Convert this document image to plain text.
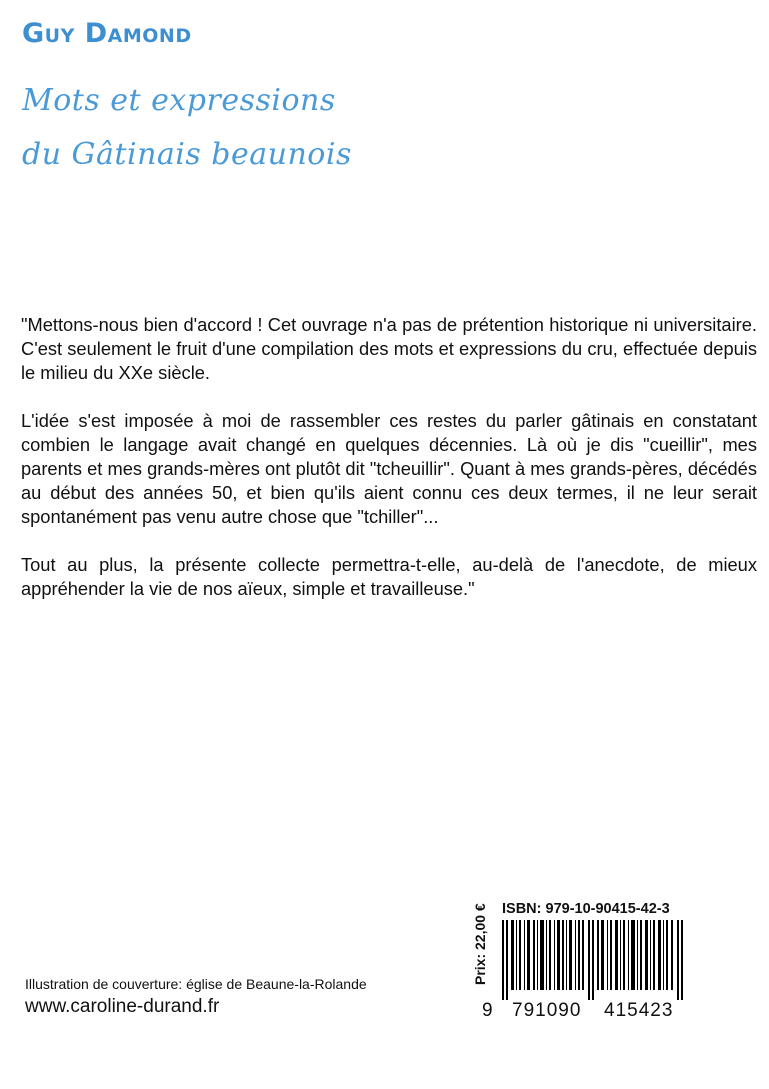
Guy Damond
Mots et expressions
du Gâtinais beaunois

"Mettons-nous bien d'accord ! Cet ouvrage n'a pas de prétention historique ni universitaire. C'est seulement le fruit d'une compilation des mots et expressions du cru, effectuée depuis le milieu du XXe siècle.

L'idée s'est imposée à moi de rassembler ces restes du parler gâtinais en constatant combien le langage avait changé en quelques décennies. Là où je dis "cueillir", mes parents et mes grands-mères ont plutôt dit "tcheuillir". Quant à mes grands-pères, décédés au début des années 50, et bien qu'ils aient connu ces deux termes, il ne leur serait spontanément pas venu autre chose que "tchiller"...

Tout au plus, la présente collecte permettra-t-elle, au-delà de l'anecdote, de mieux appréhender la vie de nos aïeux, simple et travailleuse."

Illustration de couverture: église de Beaune-la-Rolande
www.caroline-durand.fr
Prix: 22,00 € ISBN: 979-10-90415-42-3
9 791090 415423
